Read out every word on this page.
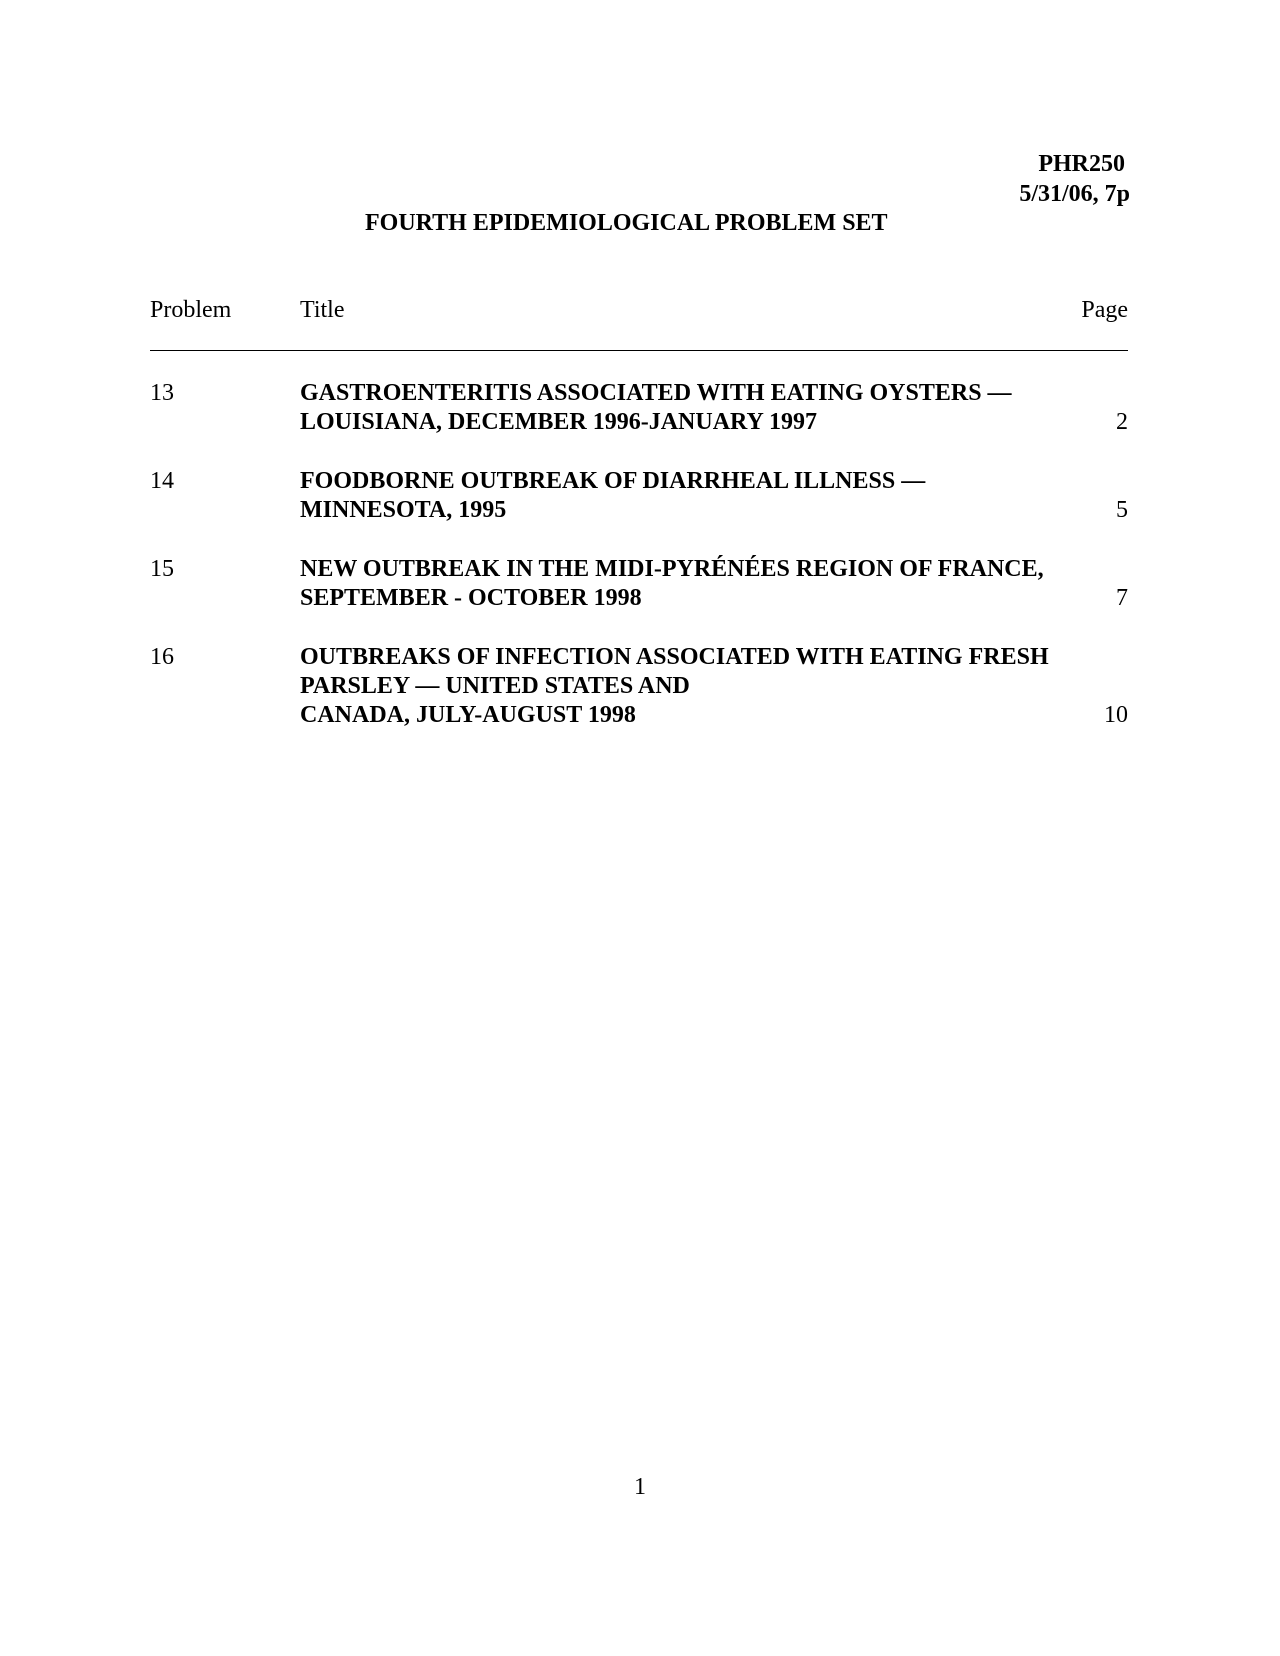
PHR250
5/31/06, 7p
FOURTH EPIDEMIOLOGICAL PROBLEM SET
Problem	Title	Page
13	GASTROENTERITIS ASSOCIATED WITH EATING OYSTERS —
LOUISIANA, DECEMBER 1996-JANUARY 1997	2
14	FOODBORNE OUTBREAK OF DIARRHEAL ILLNESS —
MINNESOTA, 1995	5
15	NEW OUTBREAK IN THE MIDI-PYRÉNÉES REGION OF FRANCE,
SEPTEMBER - OCTOBER 1998	7
16	OUTBREAKS OF INFECTION ASSOCIATED WITH EATING FRESH
PARSLEY — UNITED STATES AND
CANADA, JULY-AUGUST 1998	10
1
